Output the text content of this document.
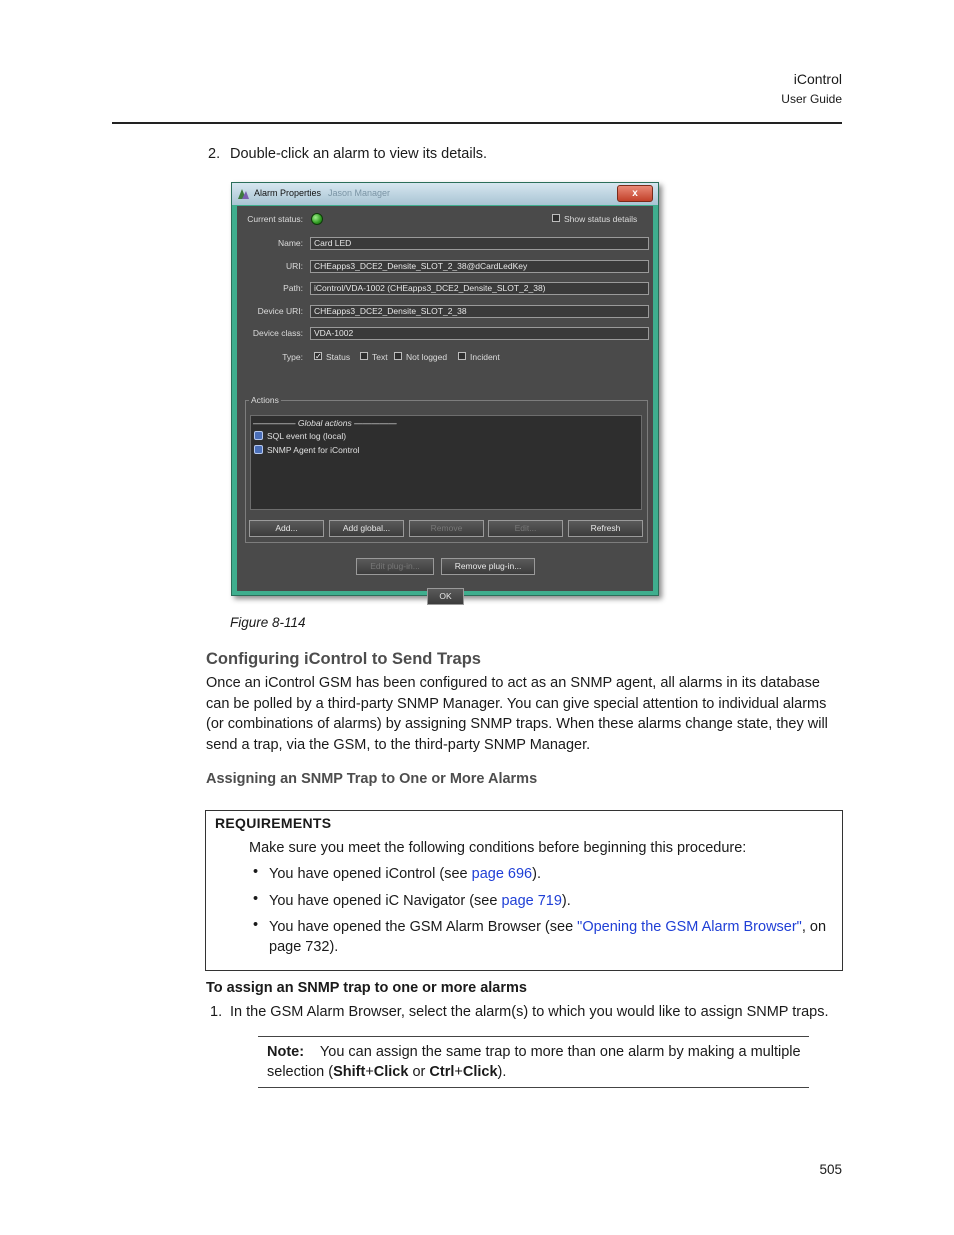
iControl
User Guide
2. Double-click an alarm to view its details.
Alarm Properties Jason Manager	x
Current status:	Show status details
Name:	Card LED
URI:	CHEapps3_DCE2_Densite_SLOT_2_38@dCardLedKey
Path:	iControl/VDA-1002 (CHEapps3_DCE2_Densite_SLOT_2_38)
Device URI:	CHEapps3_DCE2_Densite_SLOT_2_38
Device class:	VDA-1002
Type: ✓ Status	Text Not logged	Incident
Actions
————— Global actions —————
SQL event log (local)
SNMP Agent for iControl
Add...	Add global...	Remove	Edit...	Refresh
Edit plug-in...	Remove plug-in...
OK
Figure 8-114
Configuring iControl to Send Traps
Once an iControl GSM has been configured to act as an SNMP agent, all alarms in its database can be polled by a third-party SNMP Manager. You can give special attention to individual alarms (or combinations of alarms) by assigning SNMP traps. When these alarms change state, they will send a trap, via the GSM, to the third-party SNMP Manager.
Assigning an SNMP Trap to One or More Alarms
REQUIREMENTS
Make sure you meet the following conditions before beginning this procedure:
• You have opened iControl (see page 696).
• You have opened iC Navigator (see page 719).
• You have opened the GSM Alarm Browser (see "Opening the GSM Alarm Browser", on page 732).
To assign an SNMP trap to one or more alarms
1. In the GSM Alarm Browser, select the alarm(s) to which you would like to assign SNMP traps.
Note: You can assign the same trap to more than one alarm by making a multiple selection (Shift+Click or Ctrl+Click).
505
